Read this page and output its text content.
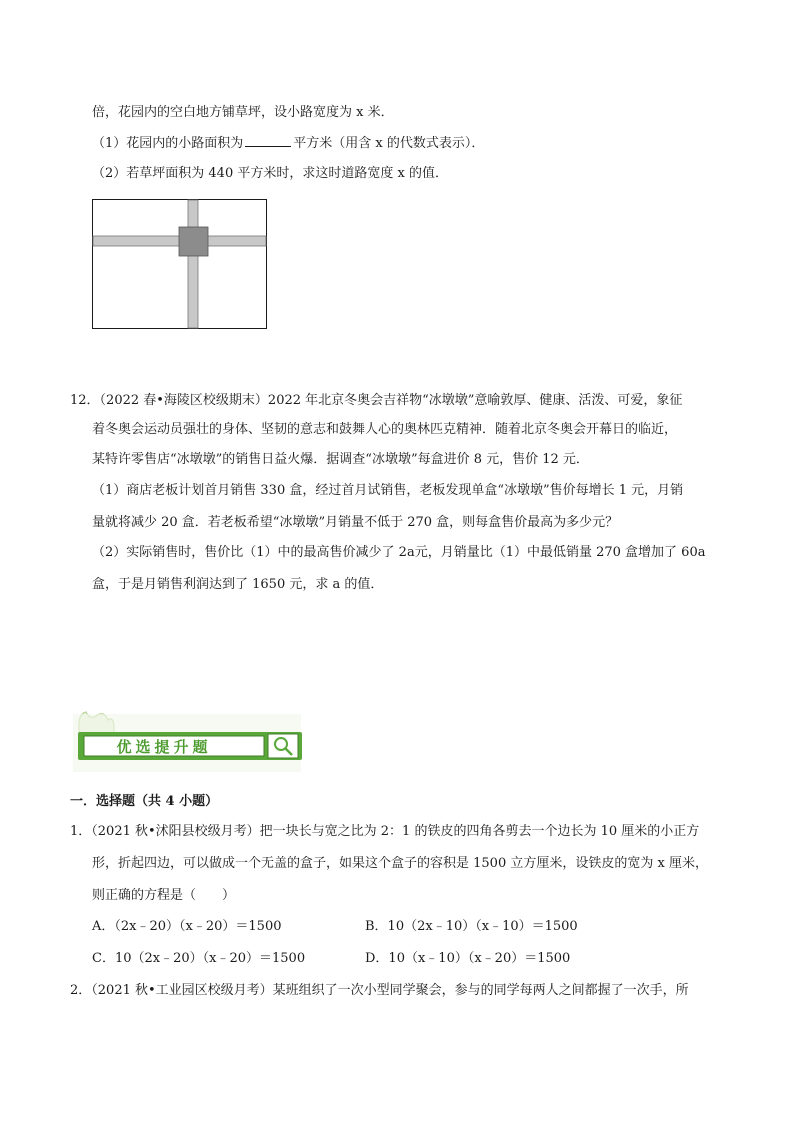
倍，花园内的空白地方铺草坪，设小路宽度为 x 米．
（1）花园内的小路面积为	平方米（用含 x 的代数式表示）．
（2）若草坪面积为 440 平方米时，求这时道路宽度 x 的值．
12．（2022 春•海陵区校级期末）2022 年北京冬奥会吉祥物“冰墩墩”意喻敦厚、健康、活泼、可爱，象征
着冬奥会运动员强壮的身体、坚韧的意志和鼓舞人心的奥林匹克精神．随着北京冬奥会开幕日的临近，
某特许零售店“冰墩墩”的销售日益火爆．据调查“冰墩墩”每盒进价 8 元，售价 12 元．
（1）商店老板计划首月销售 330 盒，经过首月试销售，老板发现单盒“冰墩墩”售价每增长 1 元，月销
量就将减少 20 盒．若老板希望“冰墩墩”月销量不低于 270 盒，则每盒售价最高为多少元？
（2）实际销售时，售价比（1）中的最高售价减少了 2a元，月销量比（1）中最低销量 270 盒增加了 60a
盒，于是月销售利润达到了 1650 元，求 a 的值．
优选提升题
一．选择题（共 4 小题）
1．（2021 秋•沭阳县校级月考）把一块长与宽之比为 2：1 的铁皮的四角各剪去一个边长为 10 厘米的小正方
形，折起四边，可以做成一个无盖的盒子，如果这个盒子的容积是 1500 立方厘米，设铁皮的宽为 x 厘米，
则正确的方程是（　　）
A．（2x﹣20）（x﹣20）＝1500	B．10（2x﹣10）（x﹣10）＝1500
C．10（2x﹣20）（x﹣20）＝1500	D．10（x﹣10）（x﹣20）＝1500
2．（2021 秋•工业园区校级月考）某班组织了一次小型同学聚会，参与的同学每两人之间都握了一次手，所
